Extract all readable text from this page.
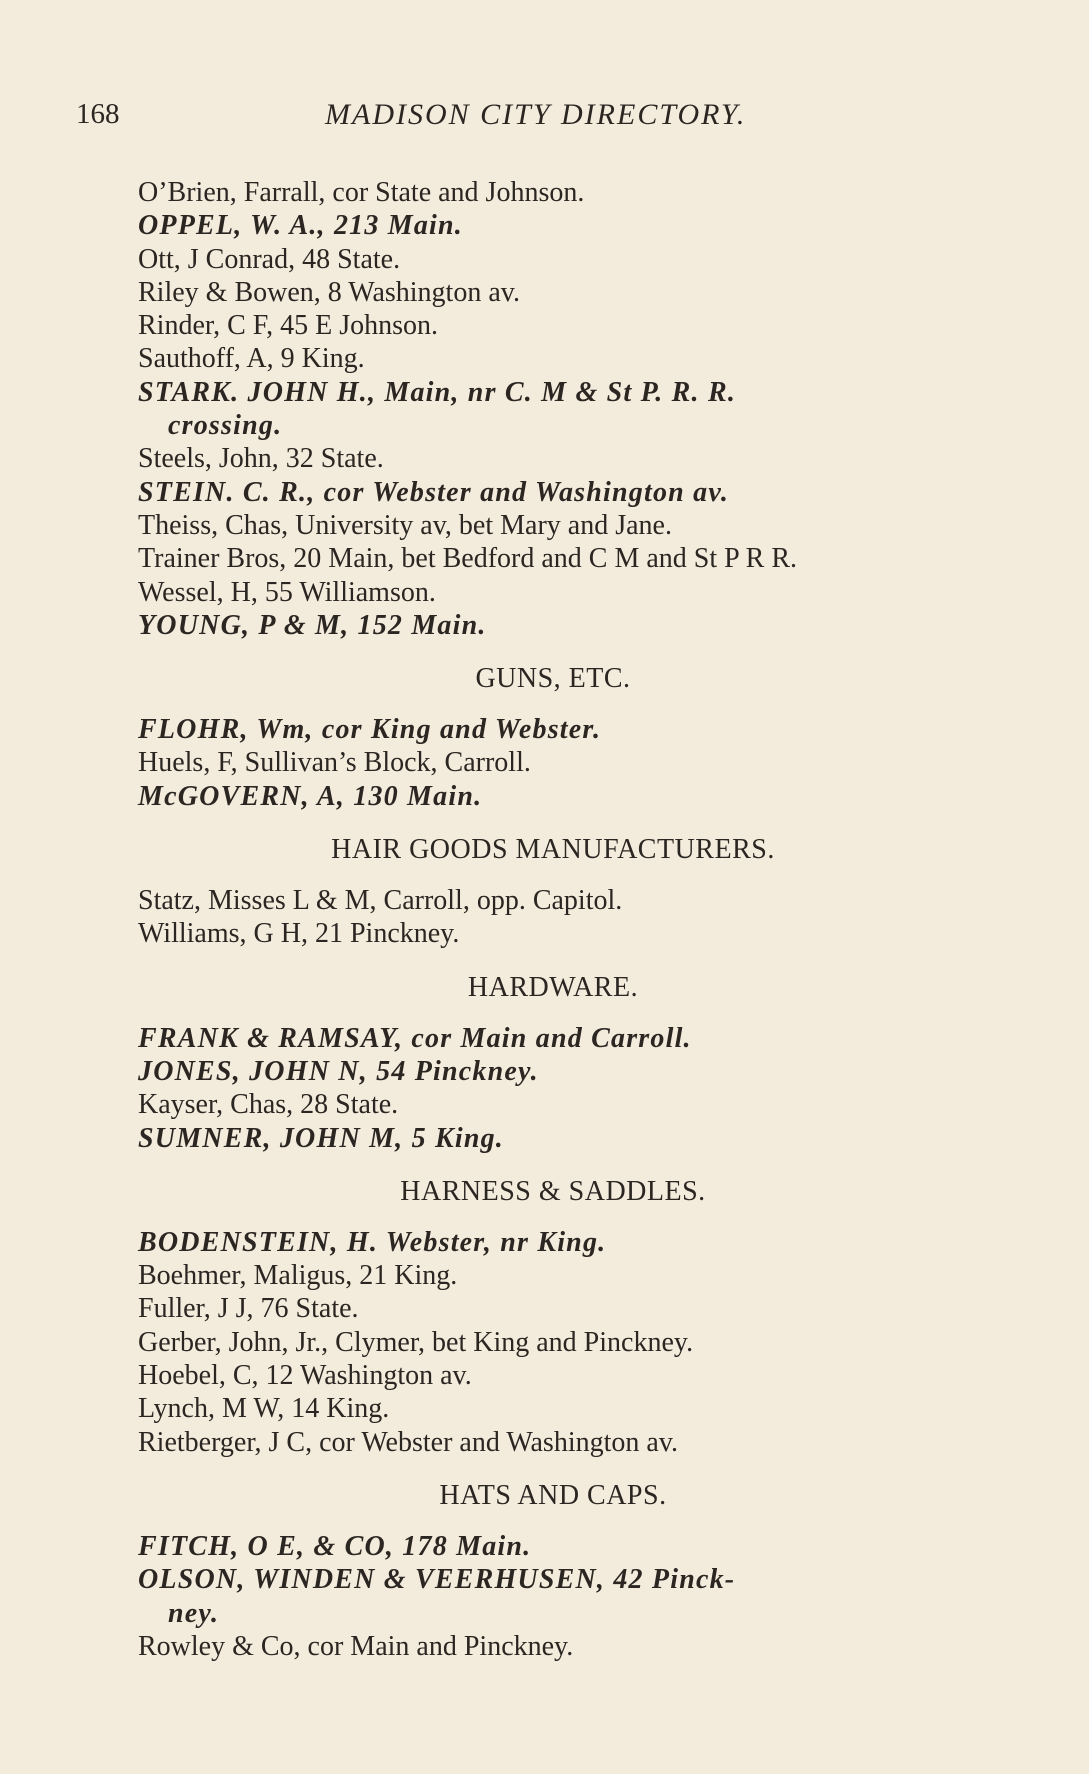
168	MADISON CITY DIRECTORY.
O’Brien, Farrall, cor State and Johnson.
OPPEL, W. A., 213 Main.
Ott, J Conrad, 48 State.
Riley & Bowen, 8 Washington av.
Rinder, C F, 45 E Johnson.
Sauthoff, A, 9 King.
STARK. JOHN H., Main, nr C. M & St P. R. R.
crossing.
Steels, John, 32 State.
STEIN. C. R., cor Webster and Washington av.
Theiss, Chas, University av, bet Mary and Jane.
Trainer Bros, 20 Main, bet Bedford and C M and St P R R.
Wessel, H, 55 Williamson.
YOUNG, P & M, 152 Main.
GUNS, ETC.
FLOHR, Wm, cor King and Webster.
Huels, F, Sullivan’s Block, Carroll.
McGOVERN, A, 130 Main.
HAIR GOODS MANUFACTURERS.
Statz, Misses L & M, Carroll, opp. Capitol.
Williams, G H, 21 Pinckney.
HARDWARE.
FRANK & RAMSAY, cor Main and Carroll.
JONES, JOHN N, 54 Pinckney.
Kayser, Chas, 28 State.
SUMNER, JOHN M, 5 King.
HARNESS & SADDLES.
BODENSTEIN, H. Webster, nr King.
Boehmer, Maligus, 21 King.
Fuller, J J, 76 State.
Gerber, John, Jr., Clymer, bet King and Pinckney.
Hoebel, C, 12 Washington av.
Lynch, M W, 14 King.
Rietberger, J C, cor Webster and Washington av.
HATS AND CAPS.
FITCH, O E, & CO, 178 Main.
OLSON, WINDEN & VEERHUSEN, 42 Pinck-
ney.
Rowley & Co, cor Main and Pinckney.
